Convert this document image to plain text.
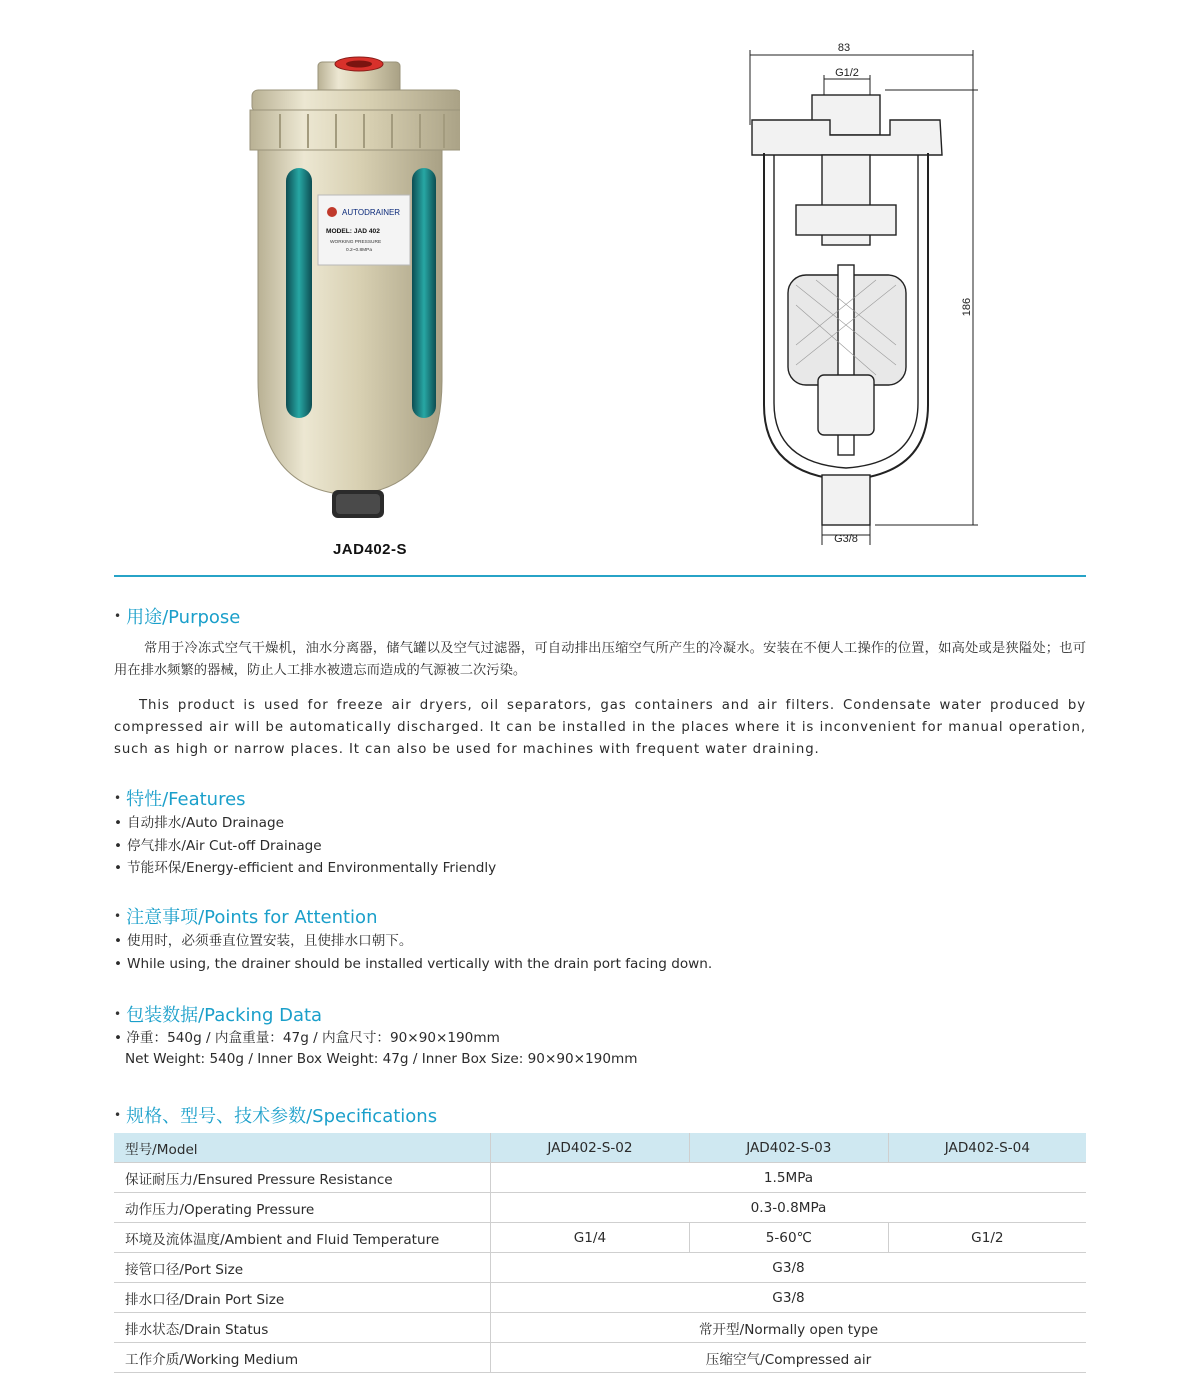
AUTODRAINER
MODEL: JAD 402
WORKING PRESSURE
0.2~0.8MPa
JAD402-S
83
G1/2
186
G3/8
• 用途/Purpose
常用于冷冻式空气干燥机，油水分离器，储气罐以及空气过滤器，可自动排出压缩空气所产生的冷凝水。安装在不便人工操作的位置，如高处或是狭隘处；也可用在排水频繁的器械，防止人工排水被遗忘而造成的气源被二次污染。
This product is used for freeze air dryers, oil separators, gas containers and air filters. Condensate water produced by compressed air will be automatically discharged. It can be installed in the places where it is inconvenient for manual operation, such as high or narrow places. It can also be used for machines with frequent water draining.
• 特性/Features
• 自动排水/Auto Drainage
• 停气排水/Air Cut-off Drainage
• 节能环保/Energy-efficient and Environmentally Friendly
• 注意事项/Points for Attention
• 使用时，必须垂直位置安装，且使排水口朝下。
• While using, the drainer should be installed vertically with the drain port facing down.
• 包装数据/Packing Data
• 净重：540g / 内盒重量：47g / 内盒尺寸：90×90×190mm
Net Weight: 540g / Inner Box Weight: 47g / Inner Box Size: 90×90×190mm
• 规格、型号、技术参数/Specifications
型号/Model	JAD402-S-02	JAD402-S-03	JAD402-S-04
保证耐压力/Ensured Pressure Resistance	1.5MPa		
动作压力/Operating Pressure	0.3-0.8MPa		
环境及流体温度/Ambient and Fluid Temperature	G1/4	5-60℃	G1/2
接管口径/Port Size	G3/8		
排水口径/Drain Port Size	G3/8		
排水状态/Drain Status	常开型/Normally open type		
工作介质/Working Medium	压缩空气/Compressed air		
